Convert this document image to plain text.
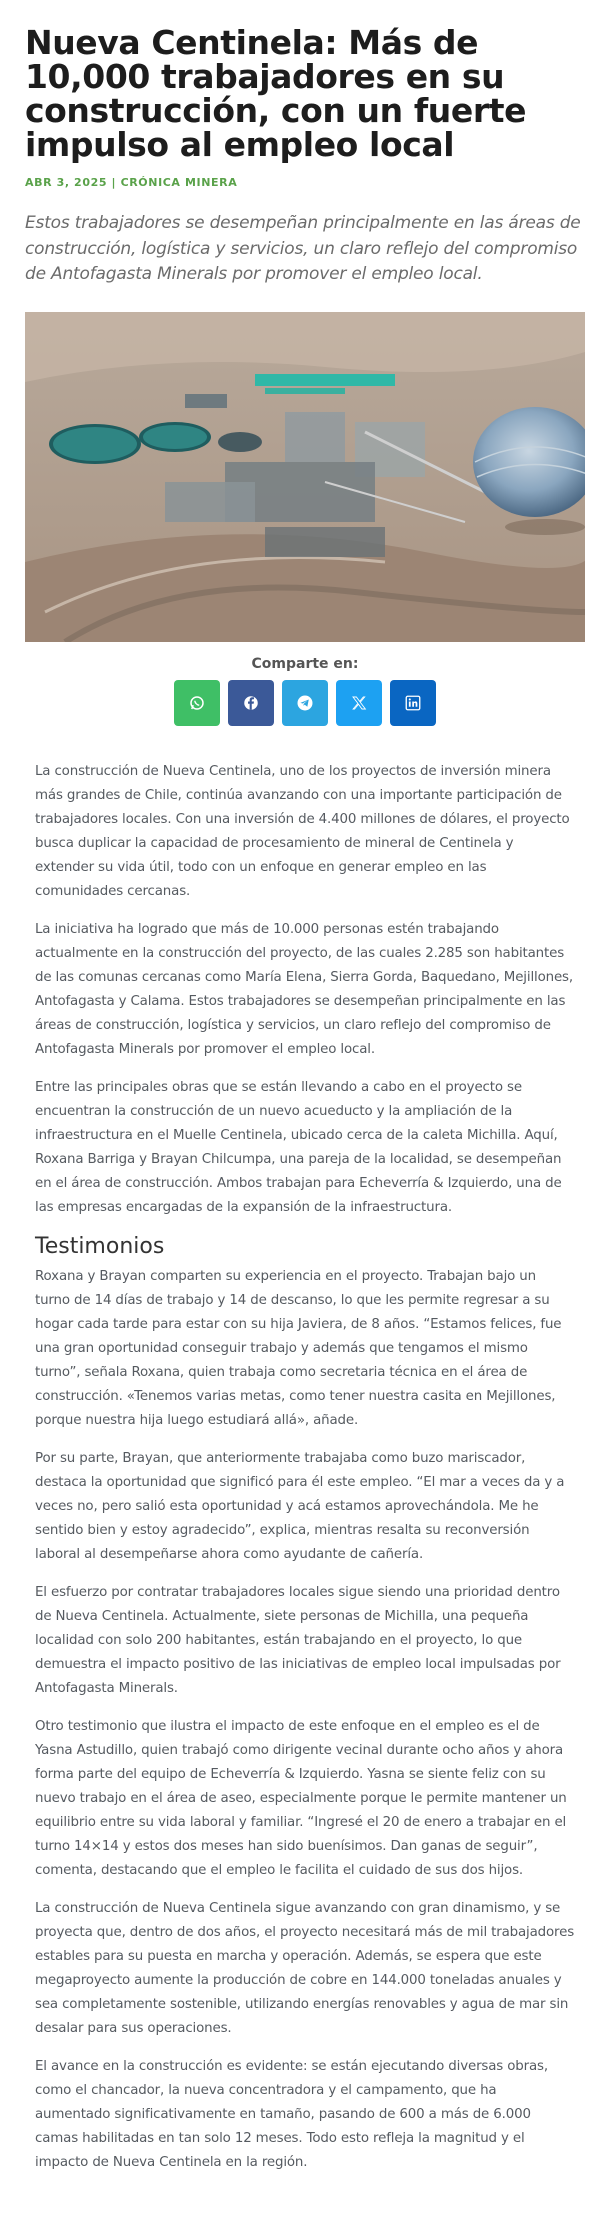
Nueva Centinela: Más de 10,000 trabajadores en su construcción, con un fuerte impulso al empleo local
ABR 3, 2025 | CRÓNICA MINERA
Estos trabajadores se desempeñan principalmente en las áreas de construcción, logística y servicios, un claro reflejo del compromiso de Antofagasta Minerals por promover el empleo local.
Comparte en:

La construcción de Nueva Centinela, uno de los proyectos de inversión minera más grandes de Chile, continúa avanzando con una importante participación de trabajadores locales. Con una inversión de 4.400 millones de dólares, el proyecto busca duplicar la capacidad de procesamiento de mineral de Centinela y extender su vida útil, todo con un enfoque en generar empleo en las comunidades cercanas.

La iniciativa ha logrado que más de 10.000 personas estén trabajando actualmente en la construcción del proyecto, de las cuales 2.285 son habitantes de las comunas cercanas como María Elena, Sierra Gorda, Baquedano, Mejillones, Antofagasta y Calama. Estos trabajadores se desempeñan principalmente en las áreas de construcción, logística y servicios, un claro reflejo del compromiso de Antofagasta Minerals por promover el empleo local.

Entre las principales obras que se están llevando a cabo en el proyecto se encuentran la construcción de un nuevo acueducto y la ampliación de la infraestructura en el Muelle Centinela, ubicado cerca de la caleta Michilla. Aquí, Roxana Barriga y Brayan Chilcumpa, una pareja de la localidad, se desempeñan en el área de construcción. Ambos trabajan para Echeverría & Izquierdo, una de las empresas encargadas de la expansión de la infraestructura.

Testimonios

Roxana y Brayan comparten su experiencia en el proyecto. Trabajan bajo un turno de 14 días de trabajo y 14 de descanso, lo que les permite regresar a su hogar cada tarde para estar con su hija Javiera, de 8 años. “Estamos felices, fue una gran oportunidad conseguir trabajo y además que tengamos el mismo turno”, señala Roxana, quien trabaja como secretaria técnica en el área de construcción. «Tenemos varias metas, como tener nuestra casita en Mejillones, porque nuestra hija luego estudiará allá», añade.

Por su parte, Brayan, que anteriormente trabajaba como buzo mariscador, destaca la oportunidad que significó para él este empleo. “El mar a veces da y a veces no, pero salió esta oportunidad y acá estamos aprovechándola. Me he sentido bien y estoy agradecido”, explica, mientras resalta su reconversión laboral al desempeñarse ahora como ayudante de cañería.

El esfuerzo por contratar trabajadores locales sigue siendo una prioridad dentro de Nueva Centinela. Actualmente, siete personas de Michilla, una pequeña localidad con solo 200 habitantes, están trabajando en el proyecto, lo que demuestra el impacto positivo de las iniciativas de empleo local impulsadas por Antofagasta Minerals.

Otro testimonio que ilustra el impacto de este enfoque en el empleo es el de Yasna Astudillo, quien trabajó como dirigente vecinal durante ocho años y ahora forma parte del equipo de Echeverría & Izquierdo. Yasna se siente feliz con su nuevo trabajo en el área de aseo, especialmente porque le permite mantener un equilibrio entre su vida laboral y familiar. “Ingresé el 20 de enero a trabajar en el turno 14×14 y estos dos meses han sido buenísimos. Dan ganas de seguir”, comenta, destacando que el empleo le facilita el cuidado de sus dos hijos.

La construcción de Nueva Centinela sigue avanzando con gran dinamismo, y se proyecta que, dentro de dos años, el proyecto necesitará más de mil trabajadores estables para su puesta en marcha y operación. Además, se espera que este megaproyecto aumente la producción de cobre en 144.000 toneladas anuales y sea completamente sostenible, utilizando energías renovables y agua de mar sin desalar para sus operaciones.

El avance en la construcción es evidente: se están ejecutando diversas obras, como el chancador, la nueva concentradora y el campamento, que ha aumentado significativamente en tamaño, pasando de 600 a más de 6.000 camas habilitadas en tan solo 12 meses. Todo esto refleja la magnitud y el impacto de Nueva Centinela en la región.
